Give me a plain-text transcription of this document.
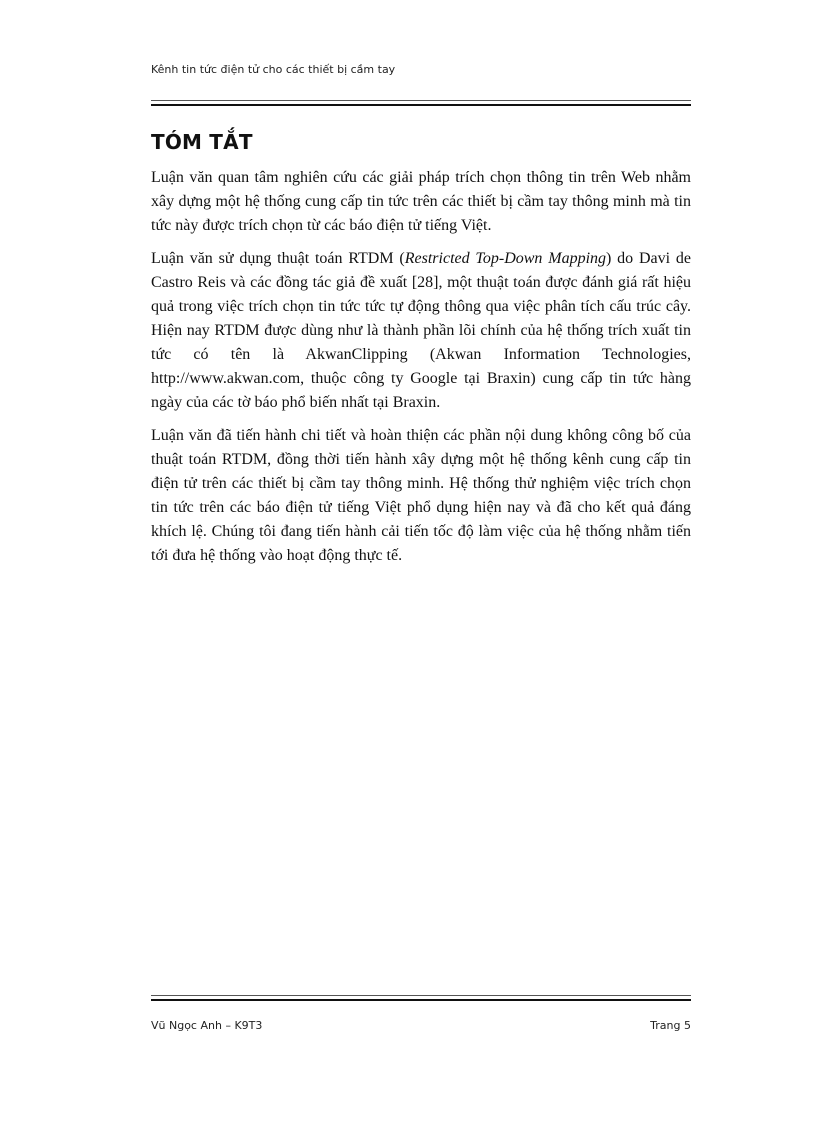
Kênh tin tức điện tử cho các thiết bị cầm tay
TÓM TẮT

Luận văn quan tâm nghiên cứu các giải pháp trích chọn thông tin trên Web nhằm xây dựng một hệ thống cung cấp tin tức trên các thiết bị cầm tay thông minh mà tin tức này được trích chọn từ các báo điện tử tiếng Việt.

Luận văn sử dụng thuật toán RTDM (Restricted Top-Down Mapping) do Davi de Castro Reis và các đồng tác giả đề xuất [28], một thuật toán được đánh giá rất hiệu quả trong việc trích chọn tin tức tức tự động thông qua việc phân tích cấu trúc cây. Hiện nay RTDM được dùng như là thành phần lõi chính của hệ thống trích xuất tin tức có tên là AkwanClipping (Akwan Information Technologies, http://www.akwan.com, thuộc công ty Google tại Braxin) cung cấp tin tức hàng ngày của các tờ báo phổ biến nhất tại Braxin.

Luận văn đã tiến hành chi tiết và hoàn thiện các phần nội dung không công bố của thuật toán RTDM, đồng thời tiến hành xây dựng một hệ thống kênh cung cấp tin điện tử trên các thiết bị cầm tay thông minh. Hệ thống thử nghiệm việc trích chọn tin tức trên các báo điện tử tiếng Việt phổ dụng hiện nay và đã cho kết quả đáng khích lệ. Chúng tôi đang tiến hành cải tiến tốc độ làm việc của hệ thống nhằm tiến tới đưa hệ thống vào hoạt động thực tế.

Vũ Ngọc Anh – K9T3	Trang 5
